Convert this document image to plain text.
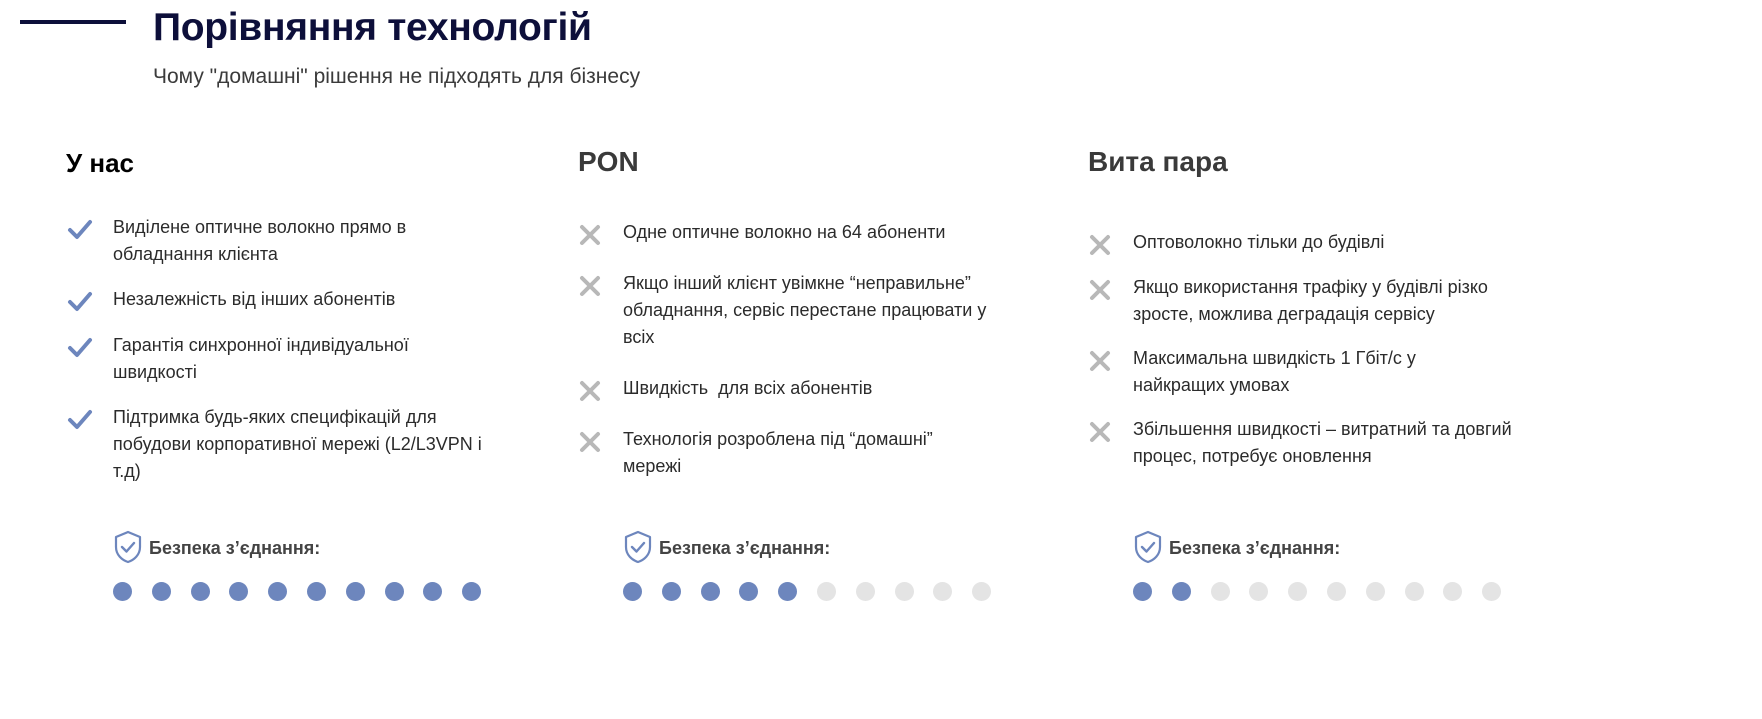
Порівняння технологій

Чому "домашні" рішення не підходять для бізнесу

У нас
Виділене оптичне волокно прямо в обладнання клієнта
Незалежність від інших абонентів
Гарантія синхронної індивідуальної швидкості
Підтримка будь-яких специфікацій для побудови корпоративної мережі (L2/L3VPN і т.д)
Безпека з’єднання:
PON
Одне оптичне волокно на 64 абоненти
Якщо інший клієнт увімкне “неправильне” обладнання, сервіс перестане працювати у всіх
Швидкість  для всіх абонентів
Технологія розроблена під “домашні” мережі
Безпека з’єднання:
Вита пара
Оптоволокно тільки до будівлі
Якщо використання трафіку у будівлі різко зросте, можлива деградація сервісу
Максимальна швидкість 1 Гбіт/с у найкращих умовах
Збільшення швидкості – витратний та довгий процес, потребує оновлення
Безпека з’єднання:
